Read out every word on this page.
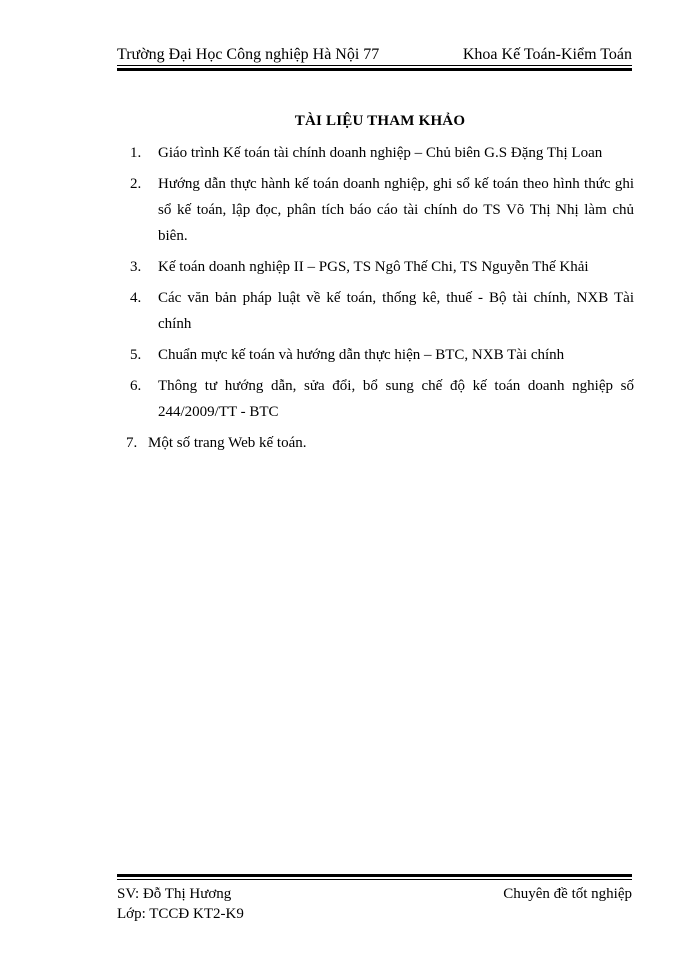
Trường Đại Học Công nghiệp Hà Nội 77	Khoa Kế Toán-Kiểm Toán
TÀI LIỆU THAM KHẢO
1.	Giáo trình Kế toán tài chính doanh nghiệp – Chủ biên G.S Đặng Thị Loan
2.	Hướng dẫn thực hành kế toán doanh nghiệp, ghi sổ kế toán theo hình thức ghi sổ kế toán, lập đọc, phân tích báo cáo tài chính do TS Võ Thị Nhị làm chủ biên.
3.	Kế toán doanh nghiệp II – PGS, TS Ngô Thế Chi, TS Nguyễn Thế Khải
4.	Các văn bản pháp luật về kế toán, thống kê, thuế - Bộ tài chính, NXB Tài chính
5.	Chuẩn mực kế toán và hướng dẫn thực hiện – BTC, NXB Tài chính
6.	Thông tư hướng dẫn, sửa đổi, bổ sung chế độ kế toán doanh nghiệp số 244/2009/TT - BTC
7. Một số trang Web kế toán.
SV: Đỗ Thị Hương	Chuyên đề tốt nghiệp
Lớp: TCCĐ KT2-K9
